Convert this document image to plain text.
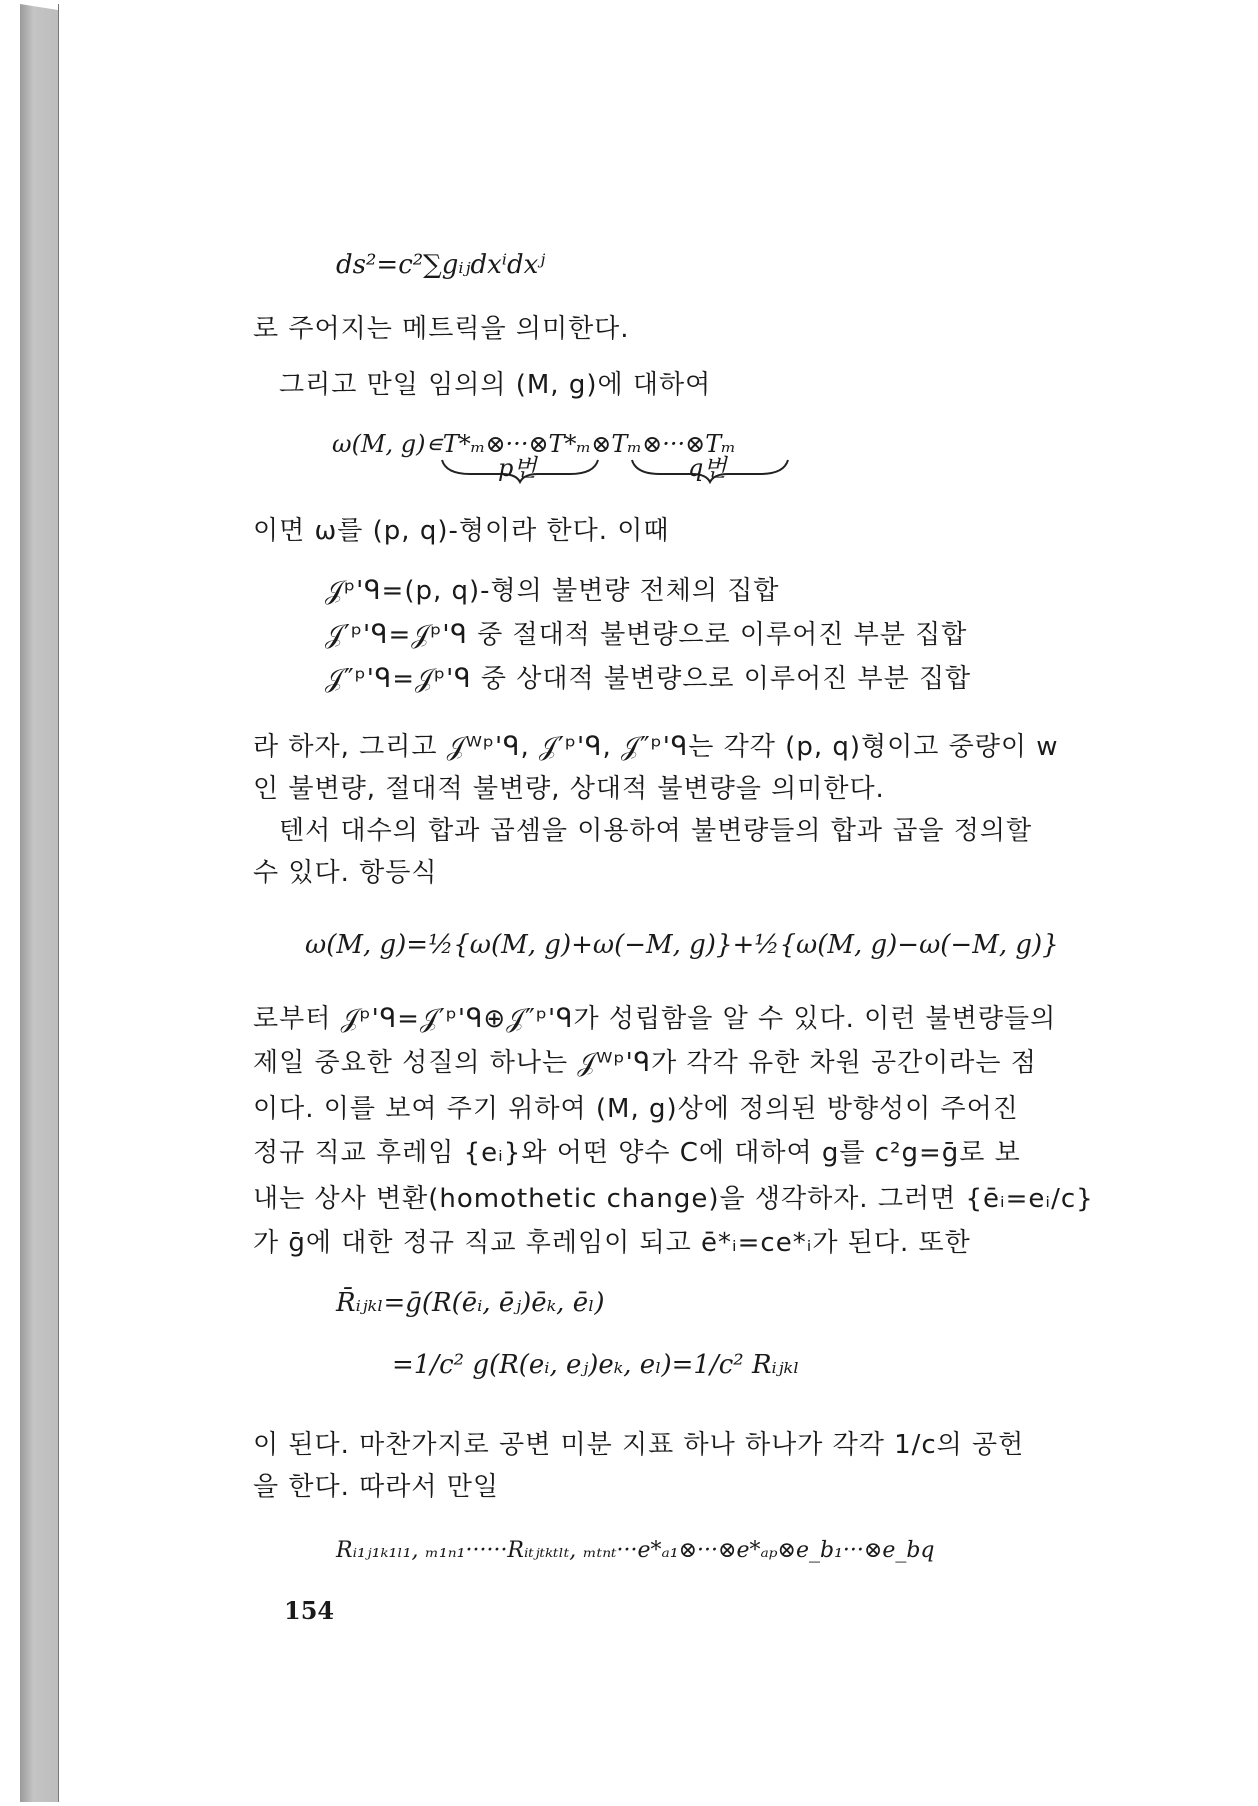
ds²=c²∑gᵢⱼdxⁱdxʲ
로 주어지는 메트릭을 의미한다.
그리고 만일 임의의 (M, g)에 대하여
ω(M, g)∊T*ₘ⊗···⊗T*ₘ⊗Tₘ⊗···⊗Tₘ
p번	q번
이면 ω를 (p, q)-형이라 한다. 이때
𝒥ᵖ'ᑫ=(p, q)-형의 불변량 전체의 집합
𝒥′ᵖ'ᑫ=𝒥ᵖ'ᑫ 중 절대적 불변량으로 이루어진 부분 집합
𝒥″ᵖ'ᑫ=𝒥ᵖ'ᑫ 중 상대적 불변량으로 이루어진 부분 집합
라 하자, 그리고 𝒥ᵂᵖ'ᑫ, 𝒥′ᵖ'ᑫ, 𝒥″ᵖ'ᑫ는 각각 (p, q)형이고 중량이 w
인 불변량, 절대적 불변량, 상대적 불변량을 의미한다.
텐서 대수의 합과 곱셈을 이용하여 불변량들의 합과 곱을 정의할
수 있다. 항등식
ω(M, g)=½{ω(M, g)+ω(−M, g)}+½{ω(M, g)−ω(−M, g)}
로부터 𝒥ᵖ'ᑫ=𝒥′ᵖ'ᑫ⊕𝒥″ᵖ'ᑫ가 성립함을 알 수 있다. 이런 불변량들의
제일 중요한 성질의 하나는 𝒥ᵂᵖ'ᑫ가 각각 유한 차원 공간이라는 점
이다. 이를 보여 주기 위하여 (M, g)상에 정의된 방향성이 주어진
정규 직교 후레임 {eᵢ}와 어떤 양수 C에 대하여 g를 c²g=ḡ로 보
내는 상사 변환(homothetic change)을 생각하자. 그러면 {ēᵢ=eᵢ/c}
가 ḡ에 대한 정규 직교 후레임이 되고 ē*ᵢ=ce*ᵢ가 된다. 또한
R̄ᵢⱼₖₗ=ḡ(R(ēᵢ, ēⱼ)ēₖ, ēₗ)
=1/c² g(R(eᵢ, eⱼ)eₖ, eₗ)=1/c² Rᵢⱼₖₗ
이 된다. 마찬가지로 공변 미분 지표 하나 하나가 각각 1/c의 공헌
을 한다. 따라서 만일
Rᵢ₁ⱼ₁ₖ₁ₗ₁, ₘ₁ₙ₁······Rᵢₜⱼₜₖₜₗₜ, ₘₜₙₜ···e*ₐ₁⊗···⊗e*ₐₚ⊗e_b₁···⊗e_bq
154
